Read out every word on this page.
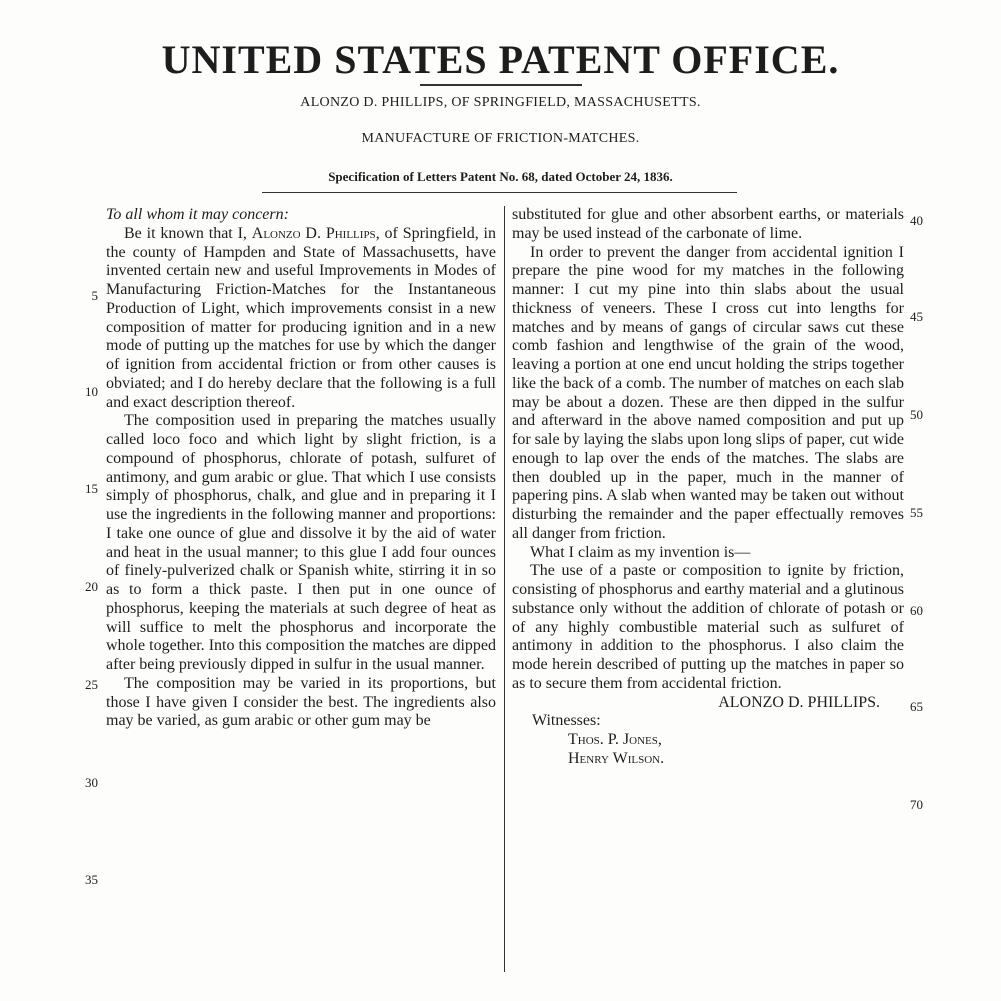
UNITED STATES PATENT OFFICE.
ALONZO D. PHILLIPS, OF SPRINGFIELD, MASSACHUSETTS.
MANUFACTURE OF FRICTION-MATCHES.
Specification of Letters Patent No. 68, dated October 24, 1836.

To all whom it may concern:

Be it known that I, Alonzo D. Phillips, of Springfield, in the county of Hampden and State of Massachusetts, have invented certain new and useful Improvements in Modes of Manufacturing Friction-Matches for the Instantaneous Production of Light, which improvements consist in a new composition of matter for producing ignition and in a new mode of putting up the matches for use by which the danger of ignition from accidental friction or from other causes is obviated; and I do hereby declare that the following is a full and exact description thereof.

The composition used in preparing the matches usually called loco foco and which light by slight friction, is a compound of phosphorus, chlorate of potash, sulfuret of antimony, and gum arabic or glue. That which I use consists simply of phosphorus, chalk, and glue and in preparing it I use the ingredients in the following manner and proportions: I take one ounce of glue and dissolve it by the aid of water and heat in the usual manner; to this glue I add four ounces of finely-pulverized chalk or Spanish white, stirring it in so as to form a thick paste. I then put in one ounce of phosphorus, keeping the materials at such degree of heat as will suffice to melt the phosphorus and incorporate the whole together. Into this composition the matches are dipped after being previously dipped in sulfur in the usual manner.

The composition may be varied in its proportions, but those I have given I consider the best. The ingredients also may be varied, as gum arabic or other gum may be

substituted for glue and other absorbent earths, or materials may be used instead of the carbonate of lime.

In order to prevent the danger from accidental ignition I prepare the pine wood for my matches in the following manner: I cut my pine into thin slabs about the usual thickness of veneers. These I cross cut into lengths for matches and by means of gangs of circular saws cut these comb fashion and lengthwise of the grain of the wood, leaving a portion at one end uncut holding the strips together like the back of a comb. The number of matches on each slab may be about a dozen. These are then dipped in the sulfur and afterward in the above named composition and put up for sale by laying the slabs upon long slips of paper, cut wide enough to lap over the ends of the matches. The slabs are then doubled up in the paper, much in the manner of papering pins. A slab when wanted may be taken out without disturbing the remainder and the paper effectually removes all danger from friction.

What I claim as my invention is—

The use of a paste or composition to ignite by friction, consisting of phosphorus and earthy material and a glutinous substance only without the addition of chlorate of potash or of any highly combustible material such as sulfuret of antimony in addition to the phosphorus. I also claim the mode herein described of putting up the matches in paper so as to secure them from accidental friction.

ALONZO D. PHILLIPS.

Witnesses:

Thos. P. Jones,

Henry Wilson.

5
10
15
20
25
30
35
40
45
50
55
60
65
70
